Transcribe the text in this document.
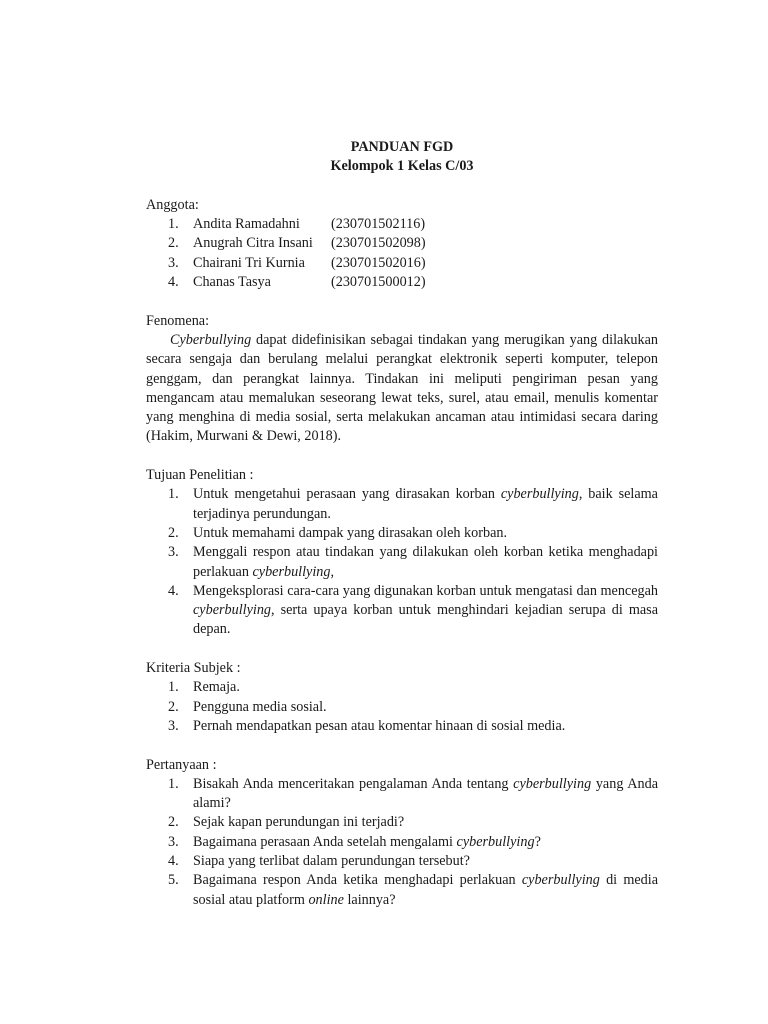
PANDUAN FGD

Kelompok 1 Kelas C/03

Anggota:

1. Andita Ramadahni (230701502116)
2. Anugrah Citra Insani (230701502098)
3. Chairani Tri Kurnia (230701502016)
4. Chanas Tasya	(230701500012)

Fenomena:

Cyberbullying dapat didefinisikan sebagai tindakan yang merugikan yang dilakukan secara sengaja dan berulang melalui perangkat elektronik seperti komputer, telepon genggam, dan perangkat lainnya. Tindakan ini meliputi pengiriman pesan yang mengancam atau memalukan seseorang lewat teks, surel, atau email, menulis komentar yang menghina di media sosial, serta melakukan ancaman atau intimidasi secara daring (Hakim, Murwani & Dewi, 2018).

Tujuan Penelitian :

1. Untuk mengetahui perasaan yang dirasakan korban cyberbullying, baik selama terjadinya perundungan.
2. Untuk memahami dampak yang dirasakan oleh korban.
3. Menggali respon atau tindakan yang dilakukan oleh korban ketika menghadapi perlakuan cyberbullying,
4. Mengeksplorasi cara-cara yang digunakan korban untuk mengatasi dan mencegah cyberbullying, serta upaya korban untuk menghindari kejadian serupa di masa depan.

Kriteria Subjek :

1. Remaja.
2. Pengguna media sosial.
3. Pernah mendapatkan pesan atau komentar hinaan di sosial media.

Pertanyaan :

1. Bisakah Anda menceritakan pengalaman Anda tentang cyberbullying yang Anda alami?
2. Sejak kapan perundungan ini terjadi?
3. Bagaimana perasaan Anda setelah mengalami cyberbullying?
4. Siapa yang terlibat dalam perundungan tersebut?
5. Bagaimana respon Anda ketika menghadapi perlakuan cyberbullying di media sosial atau platform online lainnya?
